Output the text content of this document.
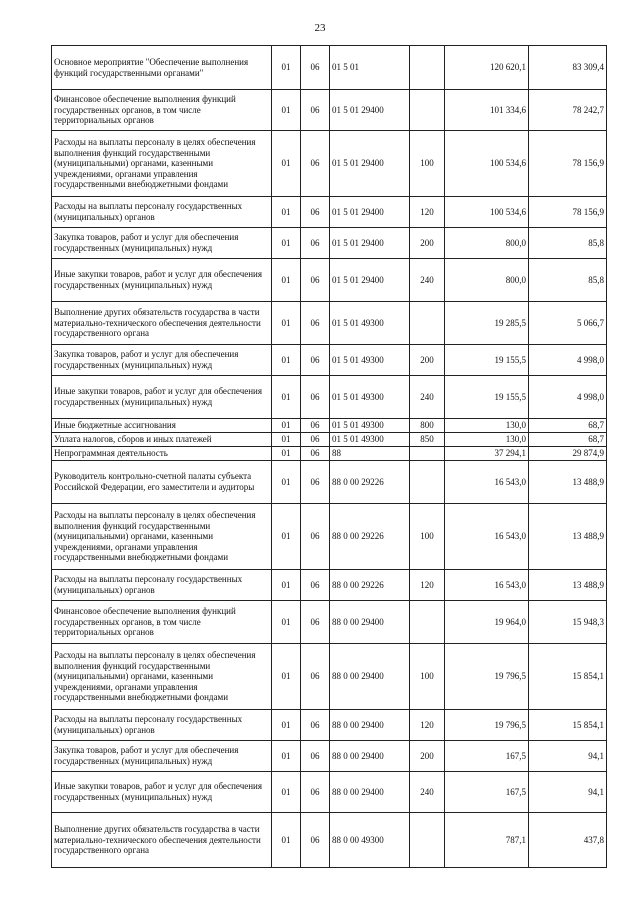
23
Основное мероприятие "Обеспечение выполнения функций государственными органами"	01	06	01 5 01		120 620,1	83 309,4
Финансовое обеспечение выполнения функций государственных органов, в том числе территориальных органов	01	06	01 5 01 29400		101 334,6	78 242,7
Расходы на выплаты персоналу в целях обеспечения выполнения функций государственными (муниципальными) органами, казенными учреждениями, органами управления государственными внебюджетными фондами	01	06	01 5 01 29400	100	100 534,6	78 156,9
Расходы на выплаты персоналу государственных (муниципальных) органов	01	06	01 5 01 29400	120	100 534,6	78 156,9
Закупка товаров, работ и услуг для обеспечения государственных (муниципальных) нужд	01	06	01 5 01 29400	200	800,0	85,8
Иные закупки товаров, работ и услуг для обеспечения государственных (муниципальных) нужд	01	06	01 5 01 29400	240	800,0	85,8
Выполнение других обязательств государства в части материально-технического обеспечения деятельности государственного органа	01	06	01 5 01 49300		19 285,5	5 066,7
Закупка товаров, работ и услуг для обеспечения государственных (муниципальных) нужд	01	06	01 5 01 49300	200	19 155,5	4 998,0
Иные закупки товаров, работ и услуг для обеспечения государственных (муниципальных) нужд	01	06	01 5 01 49300	240	19 155,5	4 998,0
Иные бюджетные ассигнования	01	06	01 5 01 49300	800	130,0	68,7
Уплата налогов, сборов и иных платежей	01	06	01 5 01 49300	850	130,0	68,7
Непрограммная деятельность	01	06	88		37 294,1	29 874,9
Руководитель контрольно-счетной палаты субъекта Российской Федерации, его заместители и аудиторы	01	06	88 0 00 29226		16 543,0	13 488,9
Расходы на выплаты персоналу в целях обеспечения выполнения функций государственными (муниципальными) органами, казенными учреждениями, органами управления государственными внебюджетными фондами	01	06	88 0 00 29226	100	16 543,0	13 488,9
Расходы на выплаты персоналу государственных (муниципальных) органов	01	06	88 0 00 29226	120	16 543,0	13 488,9
Финансовое обеспечение выполнения функций государственных органов, в том числе территориальных органов	01	06	88 0 00 29400		19 964,0	15 948,3
Расходы на выплаты персоналу в целях обеспечения выполнения функций государственными (муниципальными) органами, казенными учреждениями, органами управления государственными внебюджетными фондами	01	06	88 0 00 29400	100	19 796,5	15 854,1
Расходы на выплаты персоналу государственных (муниципальных) органов	01	06	88 0 00 29400	120	19 796,5	15 854,1
Закупка товаров, работ и услуг для обеспечения государственных (муниципальных) нужд	01	06	88 0 00 29400	200	167,5	94,1
Иные закупки товаров, работ и услуг для обеспечения государственных (муниципальных) нужд	01	06	88 0 00 29400	240	167,5	94,1
Выполнение других обязательств государства в части материально-технического обеспечения деятельности государственного органа	01	06	88 0 00 49300		787,1	437,8
